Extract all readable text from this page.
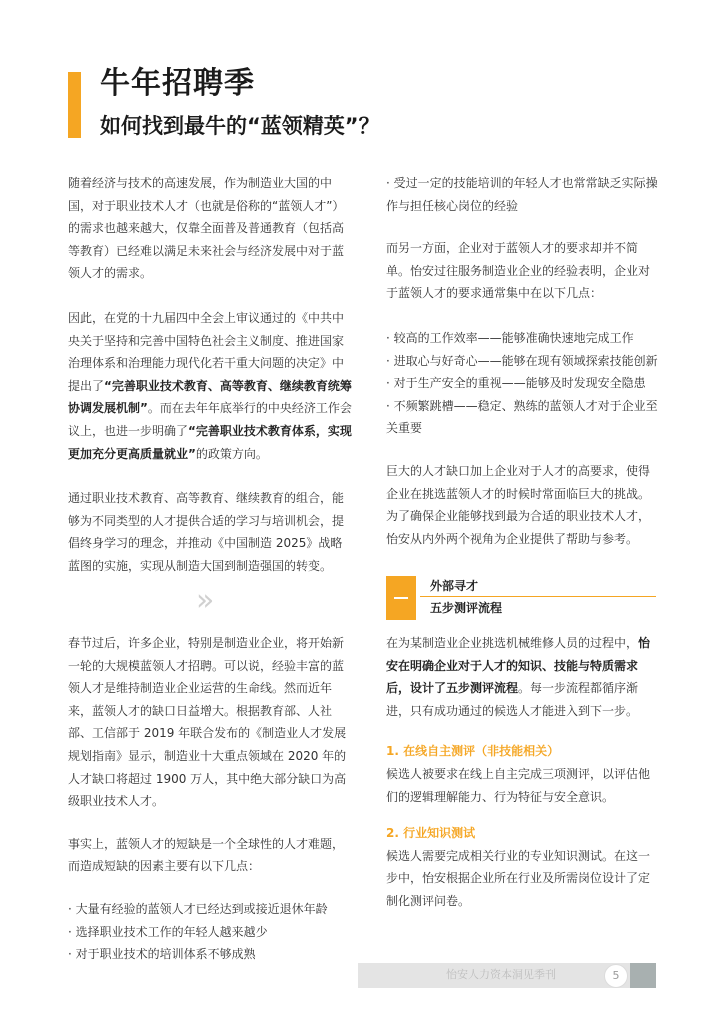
牛年招聘季
如何找到最牛的“蓝领精英”？

随着经济与技术的高速发展，作为制造业大国的中国，对于职业技术人才（也就是俗称的“蓝领人才”）的需求也越来越大，仅靠全面普及普通教育（包括高等教育）已经难以满足未来社会与经济发展中对于蓝领人才的需求。

因此，在党的十九届四中全会上审议通过的《中共中央关于坚持和完善中国特色社会主义制度、推进国家治理体系和治理能力现代化若干重大问题的决定》中提出了“完善职业技术教育、高等教育、继续教育统筹协调发展机制”。而在去年年底举行的中央经济工作会议上，也进一步明确了“完善职业技术教育体系，实现更加充分更高质量就业”的政策方向。

通过职业技术教育、高等教育、继续教育的组合，能够为不同类型的人才提供合适的学习与培训机会，提倡终身学习的理念，并推动《中国制造 2025》战略蓝图的实施，实现从制造大国到制造强国的转变。

»

春节过后，许多企业，特别是制造业企业，将开始新一轮的大规模蓝领人才招聘。可以说，经验丰富的蓝领人才是维持制造业企业运营的生命线。然而近年来，蓝领人才的缺口日益增大。根据教育部、人社部、工信部于 2019 年联合发布的《制造业人才发展规划指南》显示，制造业十大重点领域在 2020 年的人才缺口将超过 1900 万人，其中绝大部分缺口为高级职业技术人才。

事实上，蓝领人才的短缺是一个全球性的人才难题，而造成短缺的因素主要有以下几点：

· 大量有经验的蓝领人才已经达到或接近退休年龄

· 选择职业技术工作的年轻人越来越少

· 对于职业技术的培训体系不够成熟

· 受过一定的技能培训的年轻人才也常常缺乏实际操作与担任核心岗位的经验

而另一方面，企业对于蓝领人才的要求却并不简单。怡安过往服务制造业企业的经验表明，企业对于蓝领人才的要求通常集中在以下几点：

· 较高的工作效率——能够准确快速地完成工作

· 进取心与好奇心——能够在现有领域探索技能创新

· 对于生产安全的重视——能够及时发现安全隐患

· 不频繁跳槽——稳定、熟练的蓝领人才对于企业至关重要

巨大的人才缺口加上企业对于人才的高要求，使得企业在挑选蓝领人才的时候时常面临巨大的挑战。为了确保企业能够找到最为合适的职业技术人才，怡安从内外两个视角为企业提供了帮助与参考。

外部寻才
五步测评流程

在为某制造业企业挑选机械维修人员的过程中，怡安在明确企业对于人才的知识、技能与特质需求后，设计了五步测评流程。每一步流程都循序渐进，只有成功通过的候选人才能进入到下一步。

1. 在线自主测评（非技能相关）

候选人被要求在线上自主完成三项测评，以评估他们的逻辑理解能力、行为特征与安全意识。

2. 行业知识测试

候选人需要完成相关行业的专业知识测试。在这一步中，怡安根据企业所在行业及所需岗位设计了定制化测评问卷。

怡安人力资本洞见季刊	5
